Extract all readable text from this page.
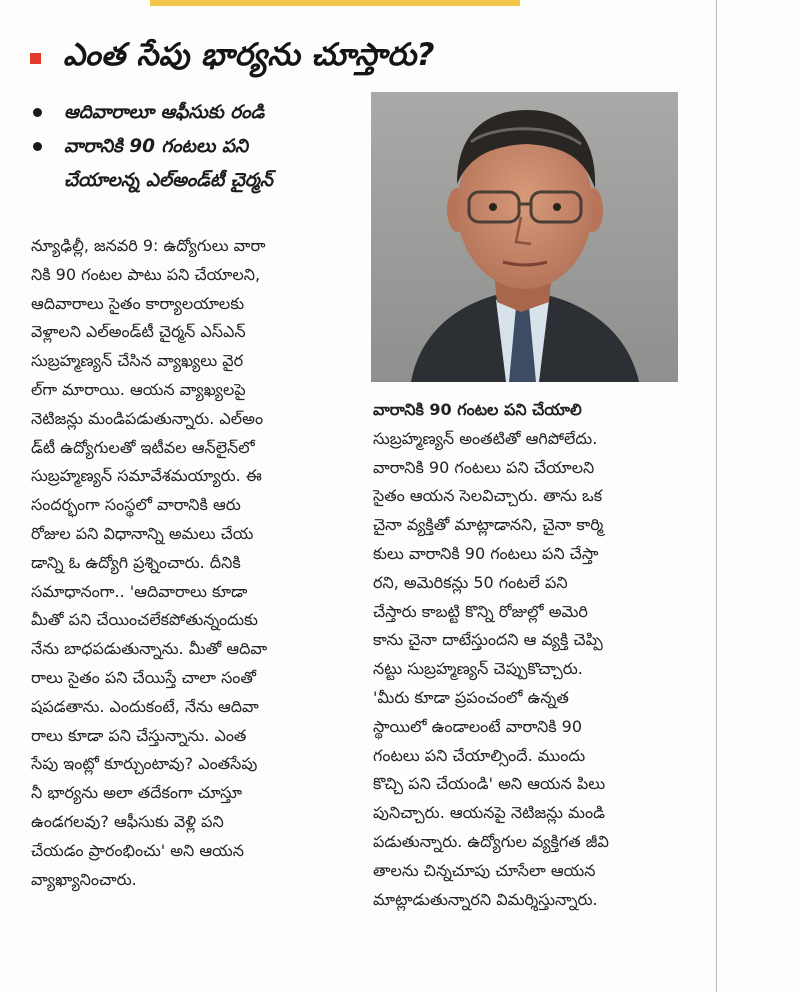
ఎంత సేపు భార్యను చూస్తారు?
ఆదివారాలూ ఆఫీసుకు రండి
వారానికి 90 గంటలు పని
చేయాలన్న ఎల్‌అండ్‌టీ చైర్మన్
న్యూఢిల్లీ, జనవరి 9: ఉద్యోగులు వారా
నికి 90 గంటల పాటు పని చేయాలని,
ఆదివారాలు సైతం కార్యాలయాలకు
వెళ్లాలని ఎల్‌అండ్‌టీ చైర్మన్ ఎస్‌ఎన్
సుబ్రహ్మణ్యన్ చేసిన వ్యాఖ్యలు వైర
ల్‌గా మారాయి. ఆయన వ్యాఖ్యలపై
నెటిజన్లు మండిపడుతున్నారు. ఎల్‌అం
డ్‌టీ ఉద్యోగులతో ఇటీవల ఆన్‌లైన్‌లో
సుబ్రహ్మణ్యన్ సమావేశమయ్యారు. ఈ
సందర్భంగా సంస్థలో వారానికి ఆరు
రోజుల పని విధానాన్ని అమలు చేయ
డాన్ని ఓ ఉద్యోగి ప్రశ్నించారు. దీనికి
సమాధానంగా.. 'ఆదివారాలు కూడా
మీతో పని చేయించలేకపోతున్నందుకు
నేను బాధపడుతున్నాను. మీతో ఆదివా
రాలు సైతం పని చేయిస్తే చాలా సంతో
షపడతాను. ఎందుకంటే, నేను ఆదివా
రాలు కూడా పని చేస్తున్నాను. ఎంత
సేపు ఇంట్లో కూర్చుంటావు? ఎంతసేపు
నీ భార్యను అలా తదేకంగా చూస్తూ
ఉండగలవు? ఆఫీసుకు వెళ్లి పని
చేయడం ప్రారంభించు' అని ఆయన
వ్యాఖ్యానించారు.
వారానికి 90 గంటల పని చేయాలి
సుబ్రహ్మణ్యన్ అంతటితో ఆగిపోలేదు.
వారానికి 90 గంటలు పని చేయాలని
సైతం ఆయన సెలవిచ్చారు. తాను ఒక
చైనా వ్యక్తితో మాట్లాడానని, చైనా కార్మి
కులు వారానికి 90 గంటలు పని చేస్తా
రని, అమెరికన్లు 50 గంటలే పని
చేస్తారు కాబట్టి కొన్ని రోజుల్లో అమెరి
కాను చైనా దాటేస్తుందని ఆ వ్యక్తి చెప్పి
నట్టు సుబ్రహ్మణ్యన్ చెప్పుకొచ్చారు.
'మీరు కూడా ప్రపంచంలో ఉన్నత
స్థాయిలో ఉండాలంటే వారానికి 90
గంటలు పని చేయాల్సిందే. ముందు
కొచ్చి పని చేయండి' అని ఆయన పిలు
పునిచ్చారు. ఆయనపై నెటిజన్లు మండి
పడుతున్నారు. ఉద్యోగుల వ్యక్తిగత జీవి
తాలను చిన్నచూపు చూసేలా ఆయన
మాట్లాడుతున్నారని విమర్శిస్తున్నారు.
